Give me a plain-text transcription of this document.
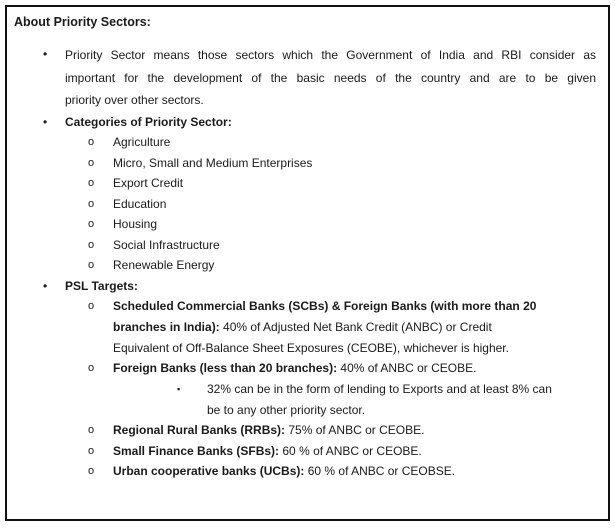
About Priority Sectors:
•	Priority Sector means those sectors which the Government of India and RBI consider as
important for the development of the basic needs of the country and are to be given
priority over other sectors.
•	Categories of Priority Sector:
o	Agriculture
o	Micro, Small and Medium Enterprises
o	Export Credit
o	Education
o	Housing
o	Social Infrastructure
o	Renewable Energy
•	PSL Targets:
o	Scheduled Commercial Banks (SCBs) & Foreign Banks (with more than 20
branches in India): 40% of Adjusted Net Bank Credit (ANBC) or Credit
Equivalent of Off-Balance Sheet Exposures (CEOBE), whichever is higher.
o	Foreign Banks (less than 20 branches): 40% of ANBC or CEOBE.
▪	32% can be in the form of lending to Exports and at least 8% can
be to any other priority sector.
o	Regional Rural Banks (RRBs): 75% of ANBC or CEOBE.
o	Small Finance Banks (SFBs): 60 % of ANBC or CEOBE.
o	Urban cooperative banks (UCBs): 60 % of ANBC or CEOBSE.
